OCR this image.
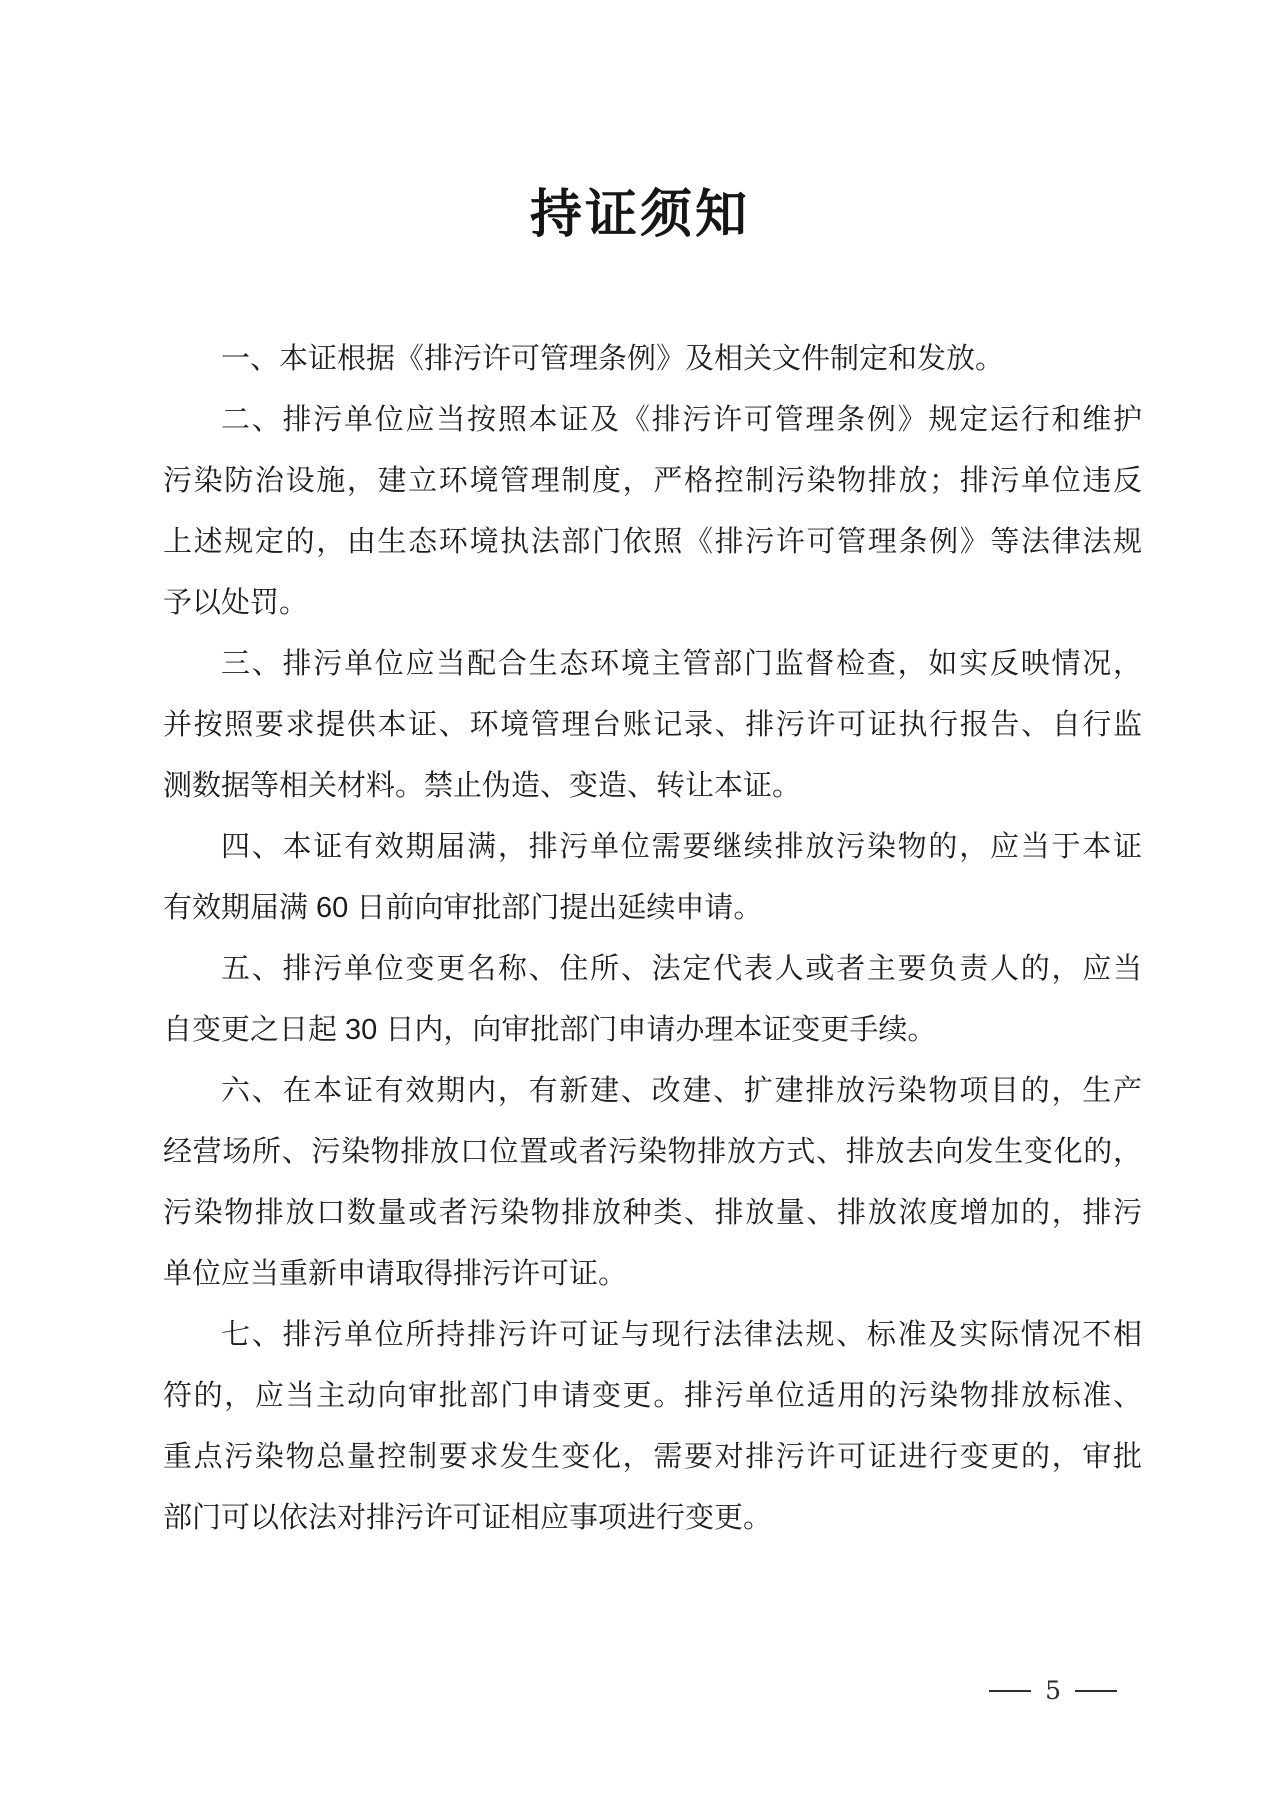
持证须知
一、本证根据《排污许可管理条例》及相关文件制定和发放。
二、排污单位应当按照本证及《排污许可管理条例》规定运行和维护
污染防治设施，建立环境管理制度，严格控制污染物排放；排污单位违反
上述规定的，由生态环境执法部门依照《排污许可管理条例》等法律法规
予以处罚。
三、排污单位应当配合生态环境主管部门监督检查，如实反映情况，
并按照要求提供本证、环境管理台账记录、排污许可证执行报告、自行监
测数据等相关材料。禁止伪造、变造、转让本证。
四、本证有效期届满，排污单位需要继续排放污染物的，应当于本证
有效期届满 60 日前向审批部门提出延续申请。
五、排污单位变更名称、住所、法定代表人或者主要负责人的，应当
自变更之日起 30 日内，向审批部门申请办理本证变更手续。
六、在本证有效期内，有新建、改建、扩建排放污染物项目的，生产
经营场所、污染物排放口位置或者污染物排放方式、排放去向发生变化的，
污染物排放口数量或者污染物排放种类、排放量、排放浓度增加的，排污
单位应当重新申请取得排污许可证。
七、排污单位所持排污许可证与现行法律法规、标准及实际情况不相
符的，应当主动向审批部门申请变更。排污单位适用的污染物排放标准、
重点污染物总量控制要求发生变化，需要对排污许可证进行变更的，审批
部门可以依法对排污许可证相应事项进行变更。
5
